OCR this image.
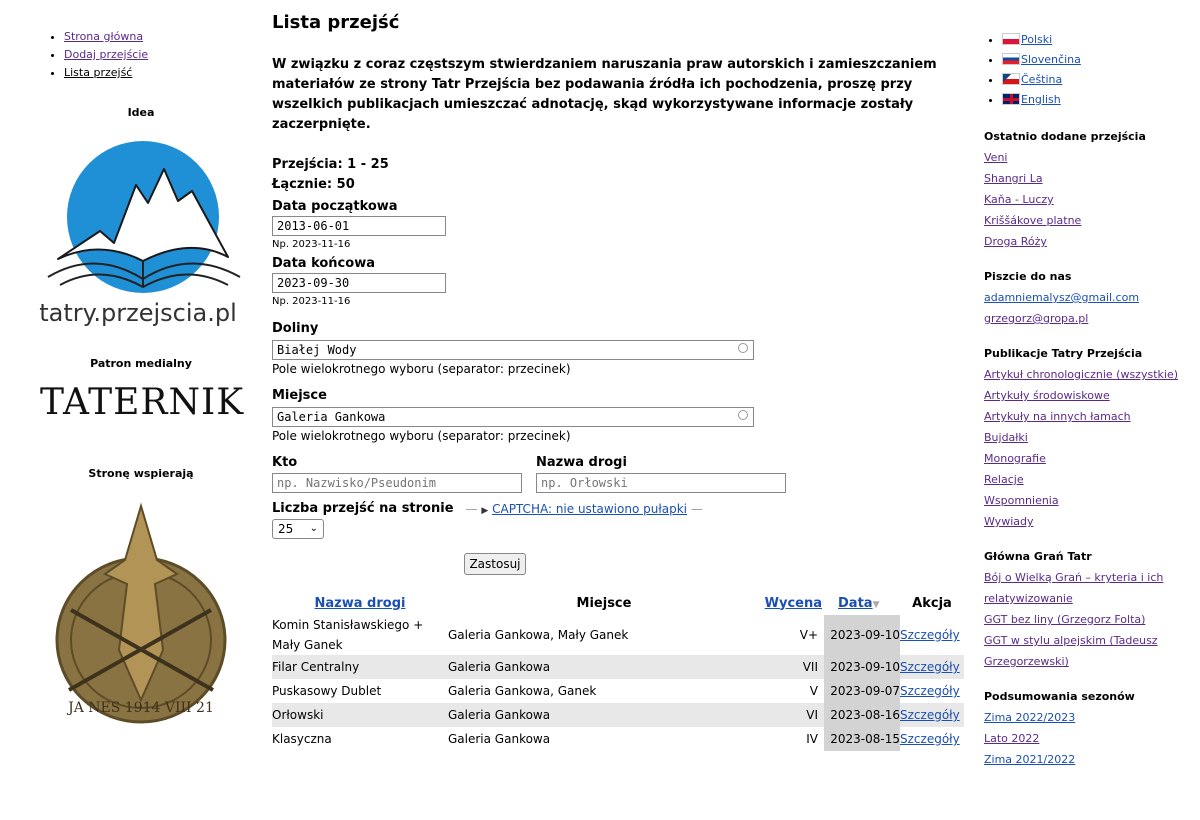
• Strona główna
• Dodaj przejście
• Lista przejść
Idea
tatry.przejscia.pl
Patron medialny
TATERNIK
Stronę wspierają
JA NES 1914 VIII 21
Lista przejść
W związku z coraz częstszym stwierdzaniem naruszania praw autorskich i zamieszczaniem materiałów ze strony Tatr Przejścia bez podawania źródła ich pochodzenia, proszę przy wszelkich publikacjach umieszczać adnotację, skąd wykorzystywane informacje zostały zaczerpnięte.
Przejścia: 1 - 25
Łącznie: 50
Data początkowa
2013-06-01
Np. 2023-11-16
Data końcowa
2023-09-30
Np. 2023-11-16
Doliny
Białej Wody
Pole wielokrotnego wyboru (separator: przecinek)
Miejsce
Galeria Gankowa
Pole wielokrotnego wyboru (separator: przecinek)
Kto
np. Nazwisko/Pseudonim	Nazwa drogi
np. Orłowski
Liczba przejść na stronie — ▶ CAPTCHA: nie ustawiono pułapki —
25 ⌄
Zastosuj
Nazwa drogi	Miejsce	Wycena	Data▼	Akcja
Komin Stanisławskiego + Mały Ganek	Galeria Gankowa, Mały Ganek	V+	2023-09-10	Szczegóły
Filar Centralny	Galeria Gankowa	VII	2023-09-10	Szczegóły
Puskasowy Dublet	Galeria Gankowa, Ganek	V	2023-09-07	Szczegóły
Orłowski	Galeria Gankowa	VI	2023-08-16	Szczegóły
Klasyczna	Galeria Gankowa	IV	2023-08-15	Szczegóły
• Polski
• Slovenčina
• Čeština
• English
Ostatnio dodane przejścia
Veni
Shangri La
Kaňa - Luczy
Kriššákove platne
Droga Róży
Piszcie do nas
adamniemalysz@gmail.com
grzegorz@gropa.pl
Publikacje Tatry Przejścia
Artykuł chronologicznie (wszystkie)
Artykuły środowiskowe
Artykuły na innych łamach
Bujdałki
Monografie
Relacje
Wspomnienia
Wywiady
Główna Grań Tatr
Bój o Wielką Grań – kryteria i ich relatywizowanie
GGT bez liny (Grzegorz Folta)
GGT w stylu alpejskim (Tadeusz Grzegorzewski)
Podsumowania sezonów
Zima 2022/2023
Lato 2022
Zima 2021/2022
